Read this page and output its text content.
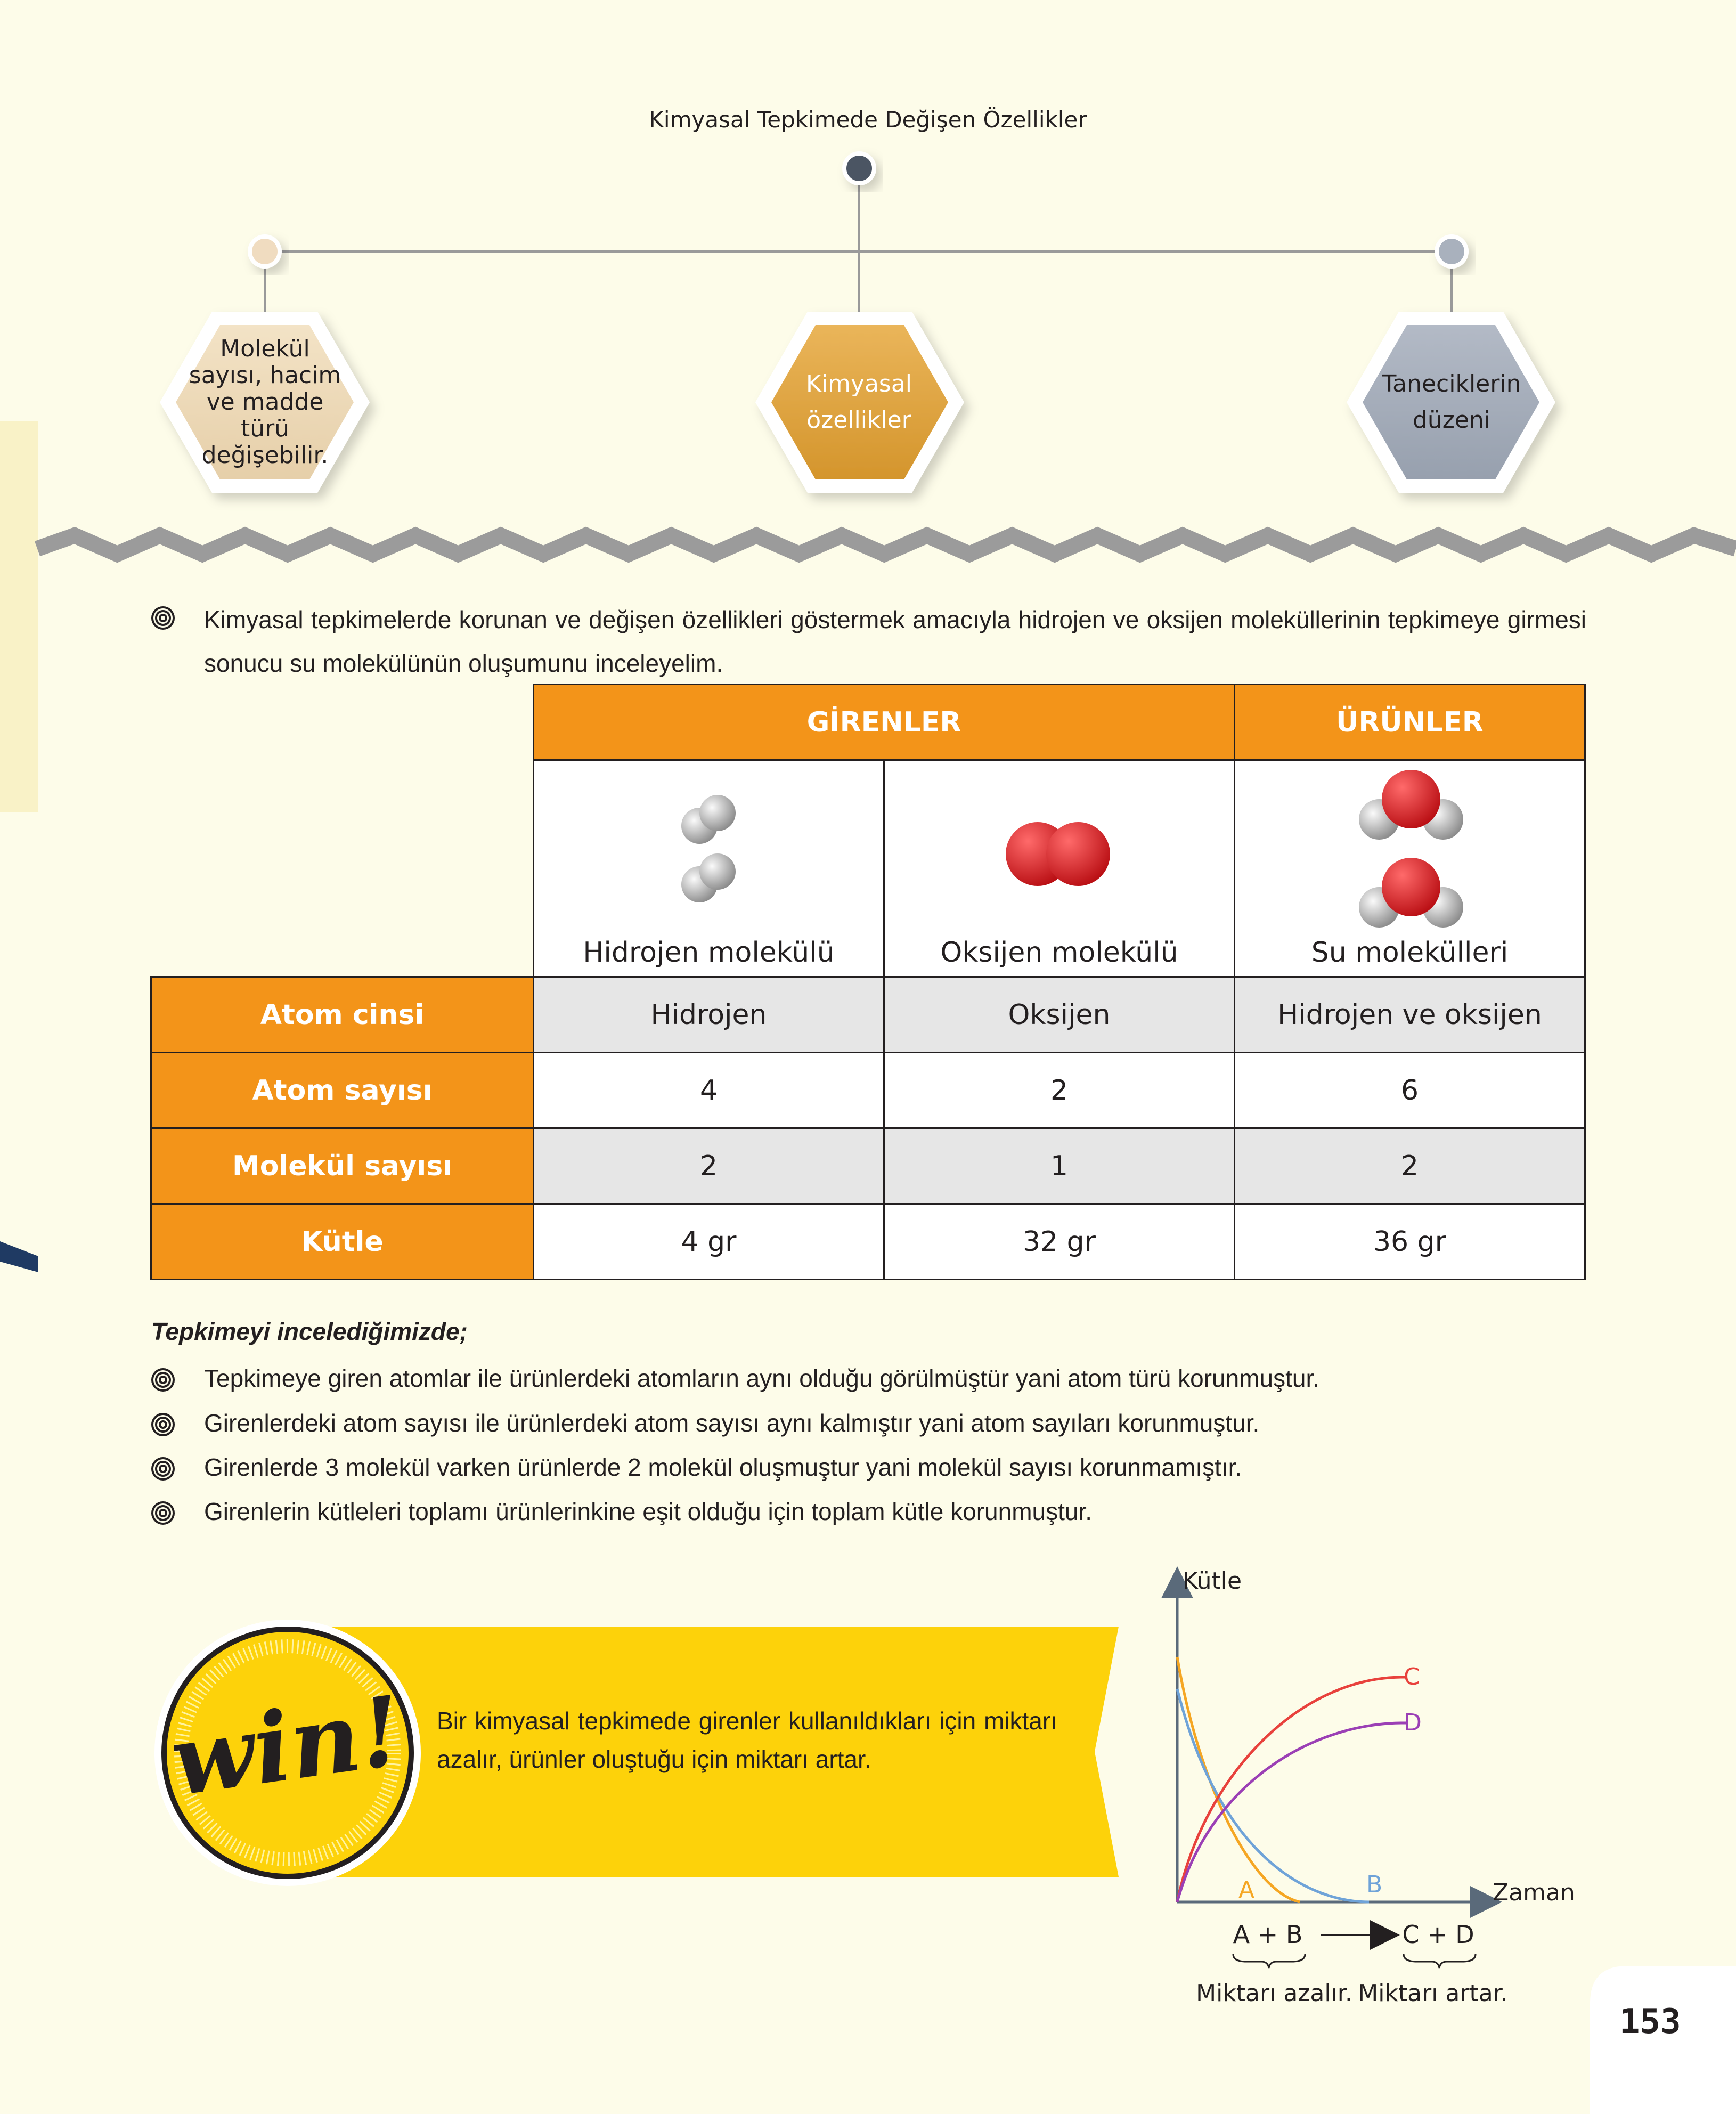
Kimyasal Tepkimede Değişen Özellikler
Molekül sayısı, hacim ve madde türü değişebilir.
Kimyasal özellikler
Taneciklerin düzeni
Kimyasal tepkimelerde korunan ve değişen özellikleri göstermek amacıyla hidrojen ve oksijen moleküllerinin tepkimeye girmesi sonucu su molekülünün oluşumunu inceleyelim.
	GİRENLER		ÜRÜNLER

	Hidrojen molekülü	Oksijen molekülü	Su molekülleri

Atom cinsi	Hidrojen	Oksijen	Hidrojen ve oksijen
Atom sayısı	4	2	6
Molekül sayısı	2	1	2
Kütle	4 gr	32 gr	36 gr
Tepkimeyi incelediğimizde;
Tepkimeye giren atomlar ile ürünlerdeki atomların aynı olduğu görülmüştür yani atom türü korunmuştur.
Girenlerdeki atom sayısı ile ürünlerdeki atom sayısı aynı kalmıştır yani atom sayıları korunmuştur.
Girenlerde 3 molekül varken ürünlerde 2 molekül oluşmuştur yani molekül sayısı korunmamıştır.
Girenlerin kütleleri toplamı ürünlerinkine eşit olduğu için toplam kütle korunmuştur.
win! Bir kimyasal tepkimede girenler kullanıldıkları için miktarı azalır, ürünler oluştuğu için miktarı artar.
Kütle
Zaman
A	B
C
D
A + B	C + D
Miktarı azalır. Miktarı artar.
153
